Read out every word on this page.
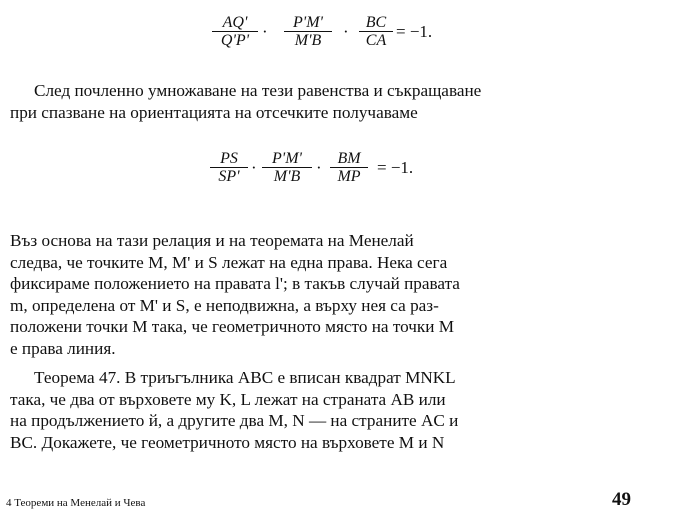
$\frac{AQ'}{Q'P'} \cdot \frac{P'M'}{M'B} \cdot \frac{BC}{CA} = -1$.
След почленно умножаване на тези равенства и съкращаване
при спазване на ориентацията на отсечките получаваме
$\frac{PS}{SP'} \cdot \frac{P'M'}{M'B} \cdot \frac{BM}{MP} = -1$.
Въз основа на тази релация и на теоремата на Менелай
следва, че точките M, M' и S лежат на една права. Нека сега
фиксираме положението на правата l'; в такъв случай правата
m, определена от M' и S, е неподвижна, а върху нея са раз-
положени точки M така, че геометричното място на точки M
е права линия.
Теорема 47. В триъгълника ABC е вписан квадрат MNKL
така, че два от върховете му K, L лежат на страната AB или
на продължението й, а другите два M, N — на страните AC и
BC. Докажете, че геометричното място на върховете M и N
4 Теореми на Менелай и Чева	49
